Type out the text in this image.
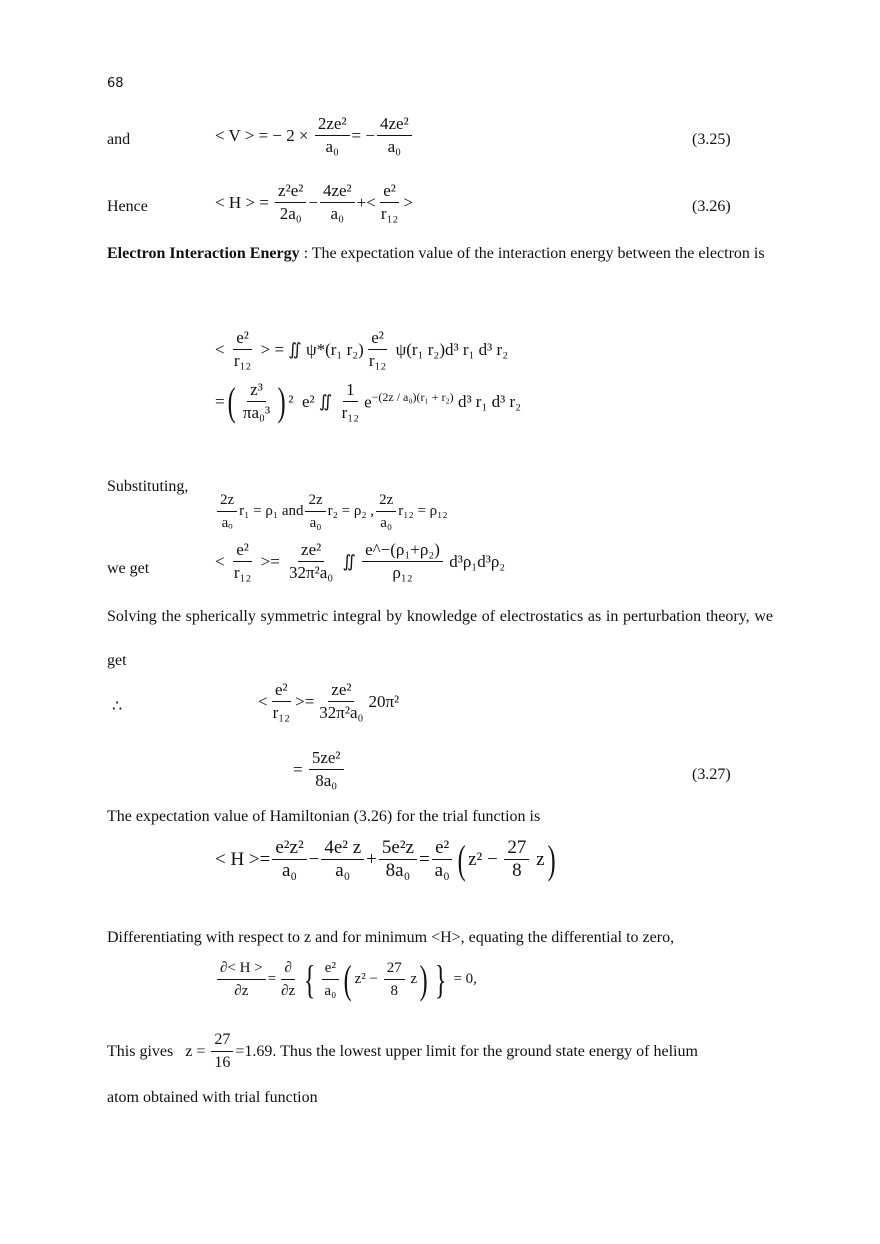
68
and	< V > = − $2 \times \frac{\text{2ze²}}{\text{a₀}}$ = − $\frac{\text{4ze²}}{\text{a₀}}$	(3.25)
Hence	< H > = $\frac{\text{z²e²}}{\text{2a₀}} - \frac{\text{4ze²}}{\text{a₀}} +< \frac{\text{e²}}{\text{r₁₂}}$ >	(3.26)
Electron Interaction Energy : The expectation value of the interaction energy between the electron is
< $\frac{\text{e²}}{\text{r₁₂}}$ > = ∬ ψ*(r₁ $r_2) \frac{\text{e²}}{\text{r₁₂}} \psi(r_1$ r₂)d³ r₁ d³ r₂
= ( $\frac{\text{z³}}{\text{πa₀³}}$ ) ²  e² ∬ $\frac{1}{\text{r₁₂}} e^{-(2z / a_0)(r_1 + r_2)}$ d³ r₁ d³ r₂
Substituting,
$\frac{2z}{\text{aₒ}} r_1 = \rho_1$ and $\frac{2z}{\text{a₀}} r_2 = \rho_2$ , $\frac{2z}{\text{a₀}} r_{12} = \rho_{12}$
we get	< $\frac{\text{e²}}{\text{r₁₂}} >= \frac{\text{ze²}}{\text{32π²a₀}}$ ∬ $\frac{\text{e\textasciicircum{}−(ρ₁+ρ₂)}}{\text{ρ₁₂}} d^3\rho_1d^3\rho_2$
Solving the spherically symmetric integral by knowledge of electrostatics as in perturbation theory, we get
∴	< $\frac{\text{e²}}{\text{r₁₂}} >= \frac{\text{ze²}}{\text{32π²a₀}} 20\pi^2$
= $\frac{\text{5ze²}}{\text{8a₀}}$	(3.27)
The expectation value of Hamiltonian (3.26) for the trial function is
< $H >= \frac{\text{e²z²}}{\text{a₀}} - \frac{\text{4e² z}}{\text{a₀}} + \frac{\text{5e²z}}{\text{8a₀}} = \frac{\text{e²}}{\text{a₀}}$ ( $z^2 - \frac{27}{8}$ z )
Differentiating with respect to z and for minimum <H>, equating the differential to zero,
$\frac{\partial< H >}{\partial z} = \frac{\partial}{\partial z}$ { $\frac{\text{e²}}{\text{a₀}}$ ( $z^2 - \frac{27}{8}$ z ) } = 0,
This gives   $z = \frac{27}{16} =1.69$. Thus the lowest upper limit for the ground state energy of helium
atom obtained with trial function
